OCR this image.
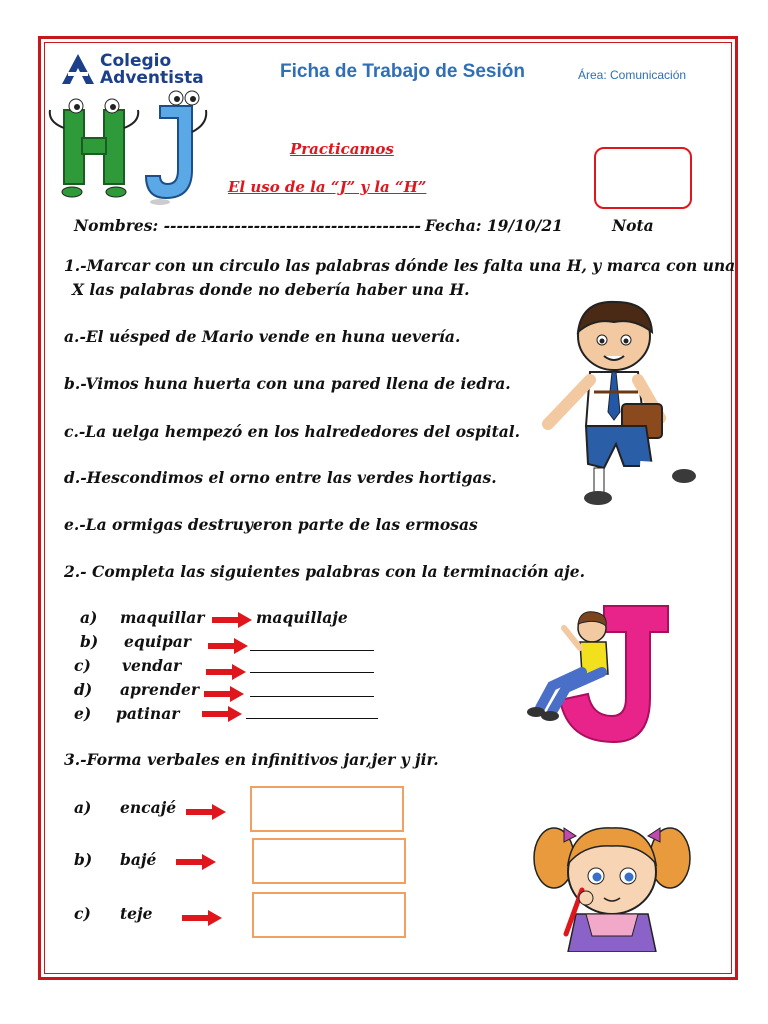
Colegio
Adventista	Ficha de Trabajo de Sesión	Área: Comunicación
Practicamos
El uso de la “J” y la “H”
Nombres: ---------------------------------------- Fecha: 19/10/21	Nota
1.-Marcar con un circulo las palabras dónde les falta una H, y marca con una
X las palabras donde no debería haber una H.
a.-El uésped de Mario vende en huna uevería.
b.-Vimos huna huerta con una pared llena de iedra.
c.-La uelga hempezó en los halrededores del ospital.
d.-Hescondimos el orno entre las verdes hortigas.
e.-La ormigas destruyeron parte de las ermosas
2.- Completa las siguientes palabras con la terminación aje.
a) maquillar	maquillaje
b) equipar
c) vendar
d) aprender
e) patinar
3.-Forma verbales en infinitivos jar,jer y jir.
a) encajé
b) bajé
c) teje
